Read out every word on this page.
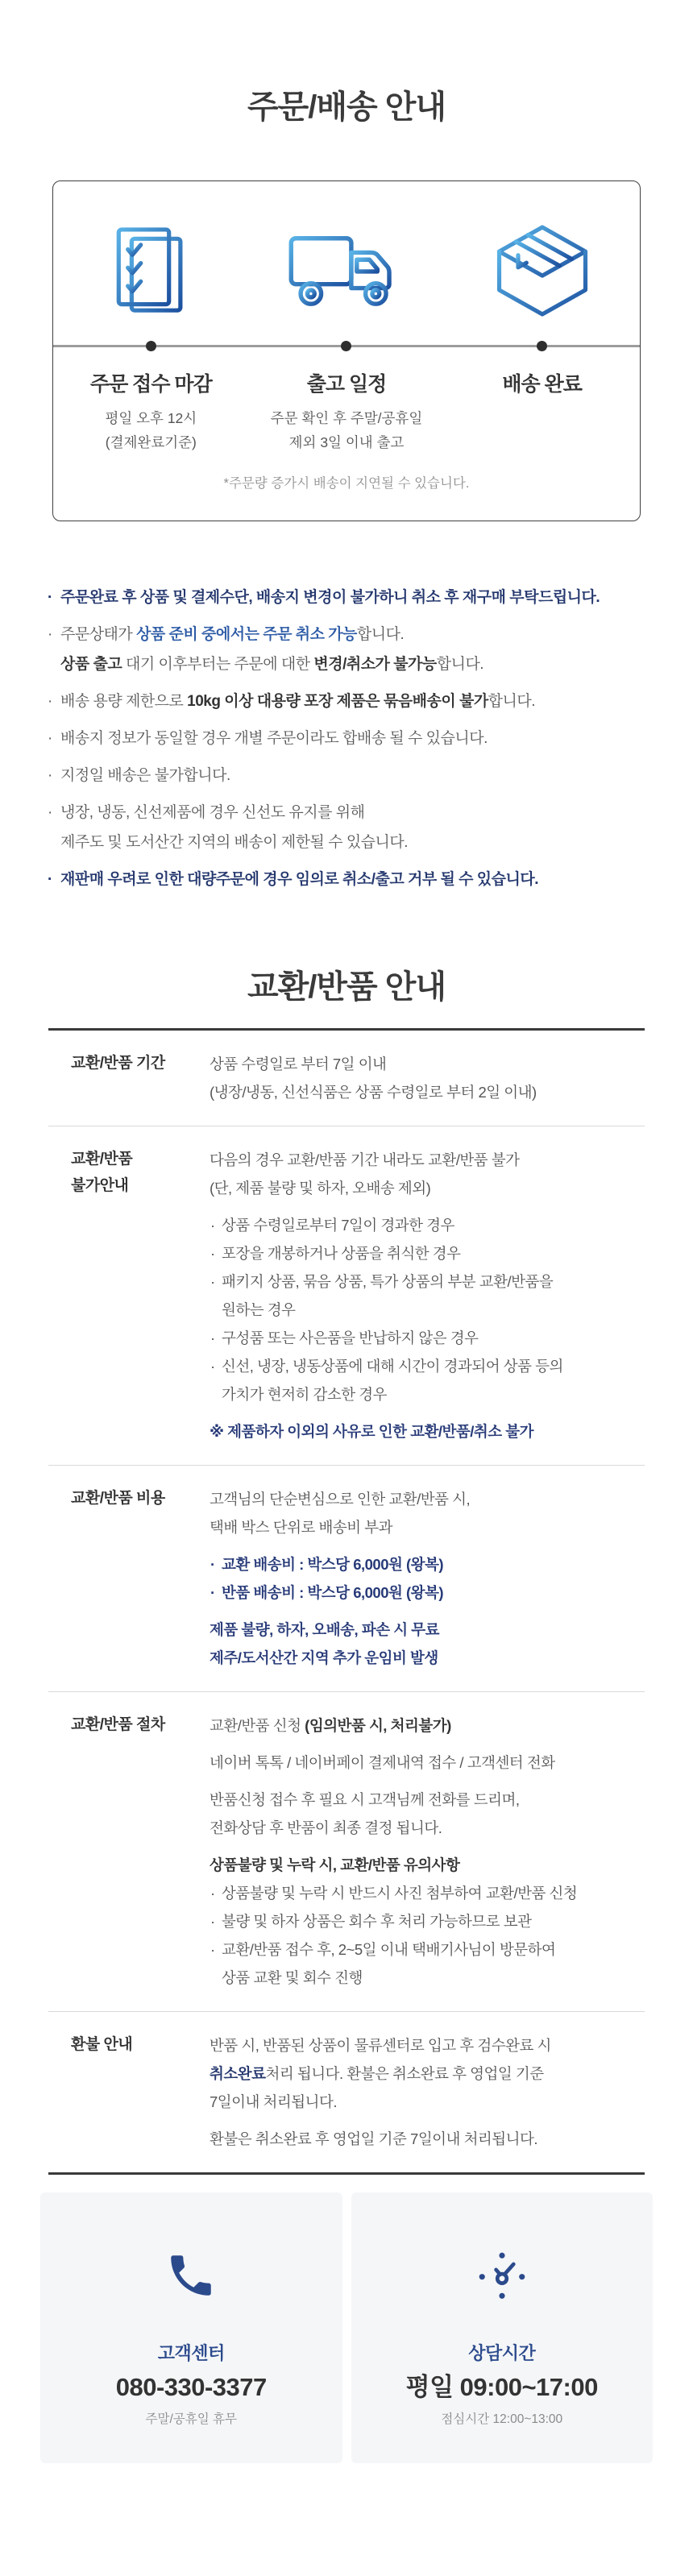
주문/배송 안내
주문 접수 마감	출고 일정	배송 완료
평일 오후 12시
(결제완료기준)
주문 확인 후 주말/공휴일
제외 3일 이내 출고
*주문량 증가시 배송이 지연될 수 있습니다.
· 주문완료 후 상품 및 결제수단, 배송지 변경이 불가하니 취소 후 재구매 부탁드립니다.
· 주문상태가 상품 준비 중에서는 주문 취소 가능합니다.
상품 출고 대기 이후부터는 주문에 대한 변경/취소가 불가능합니다.
· 배송 용량 제한으로 10kg 이상 대용량 포장 제품은 묶음배송이 불가합니다.
· 배송지 정보가 동일할 경우 개별 주문이라도 합배송 될 수 있습니다.
· 지정일 배송은 불가합니다.
· 냉장, 냉동, 신선제품에 경우 신선도 유지를 위해
제주도 및 도서산간 지역의 배송이 제한될 수 있습니다.
· 재판매 우려로 인한 대량주문에 경우 임의로 취소/출고 거부 될 수 있습니다.
교환/반품 안내
교환/반품 기간	상품 수령일로 부터 7일 이내
(냉장/냉동, 신선식품은 상품 수령일로 부터 2일 이내)
교환/반품
불가안내
다음의 경우 교환/반품 기간 내라도 교환/반품 불가
(단, 제품 불량 및 하자, 오배송 제외)
· 상품 수령일로부터 7일이 경과한 경우
· 포장을 개봉하거나 상품을 취식한 경우
· 패키지 상품, 묶음 상품, 특가 상품의 부분 교환/반품을
원하는 경우
· 구성품 또는 사은품을 반납하지 않은 경우
· 신선, 냉장, 냉동상품에 대해 시간이 경과되어 상품 등의
가치가 현저히 감소한 경우
※ 제품하자 이외의 사유로 인한 교환/반품/취소 불가
교환/반품 비용	고객님의 단순변심으로 인한 교환/반품 시,
택배 박스 단위로 배송비 부과
· 교환 배송비 : 박스당 6,000원 (왕복)
· 반품 배송비 : 박스당 6,000원 (왕복)
제품 불량, 하자, 오배송, 파손 시 무료
제주/도서산간 지역 추가 운임비 발생
교환/반품 절차	교환/반품 신청 (임의반품 시, 처리불가)
네이버 톡톡 / 네이버페이 결제내역 접수 / 고객센터 전화
반품신청 접수 후 필요 시 고객님께 전화를 드리며,
전화상담 후 반품이 최종 결정 됩니다.
상품불량 및 누락 시, 교환/반품 유의사항
· 상품불량 및 누락 시 반드시 사진 첨부하여 교환/반품 신청
· 불량 및 하자 상품은 회수 후 처리 가능하므로 보관
· 교환/반품 접수 후, 2~5일 이내 택배기사님이 방문하여
상품 교환 및 회수 진행
환불 안내	반품 시, 반품된 상품이 물류센터로 입고 후 검수완료 시
취소완료처리 됩니다. 환불은 취소완료 후 영업일 기준
7일이내 처리됩니다.
환불은 취소완료 후 영업일 기준 7일이내 처리됩니다.
고객센터
080-330-3377
주말/공휴일 휴무
상담시간
평일 09:00~17:00
점심시간 12:00~13:00
